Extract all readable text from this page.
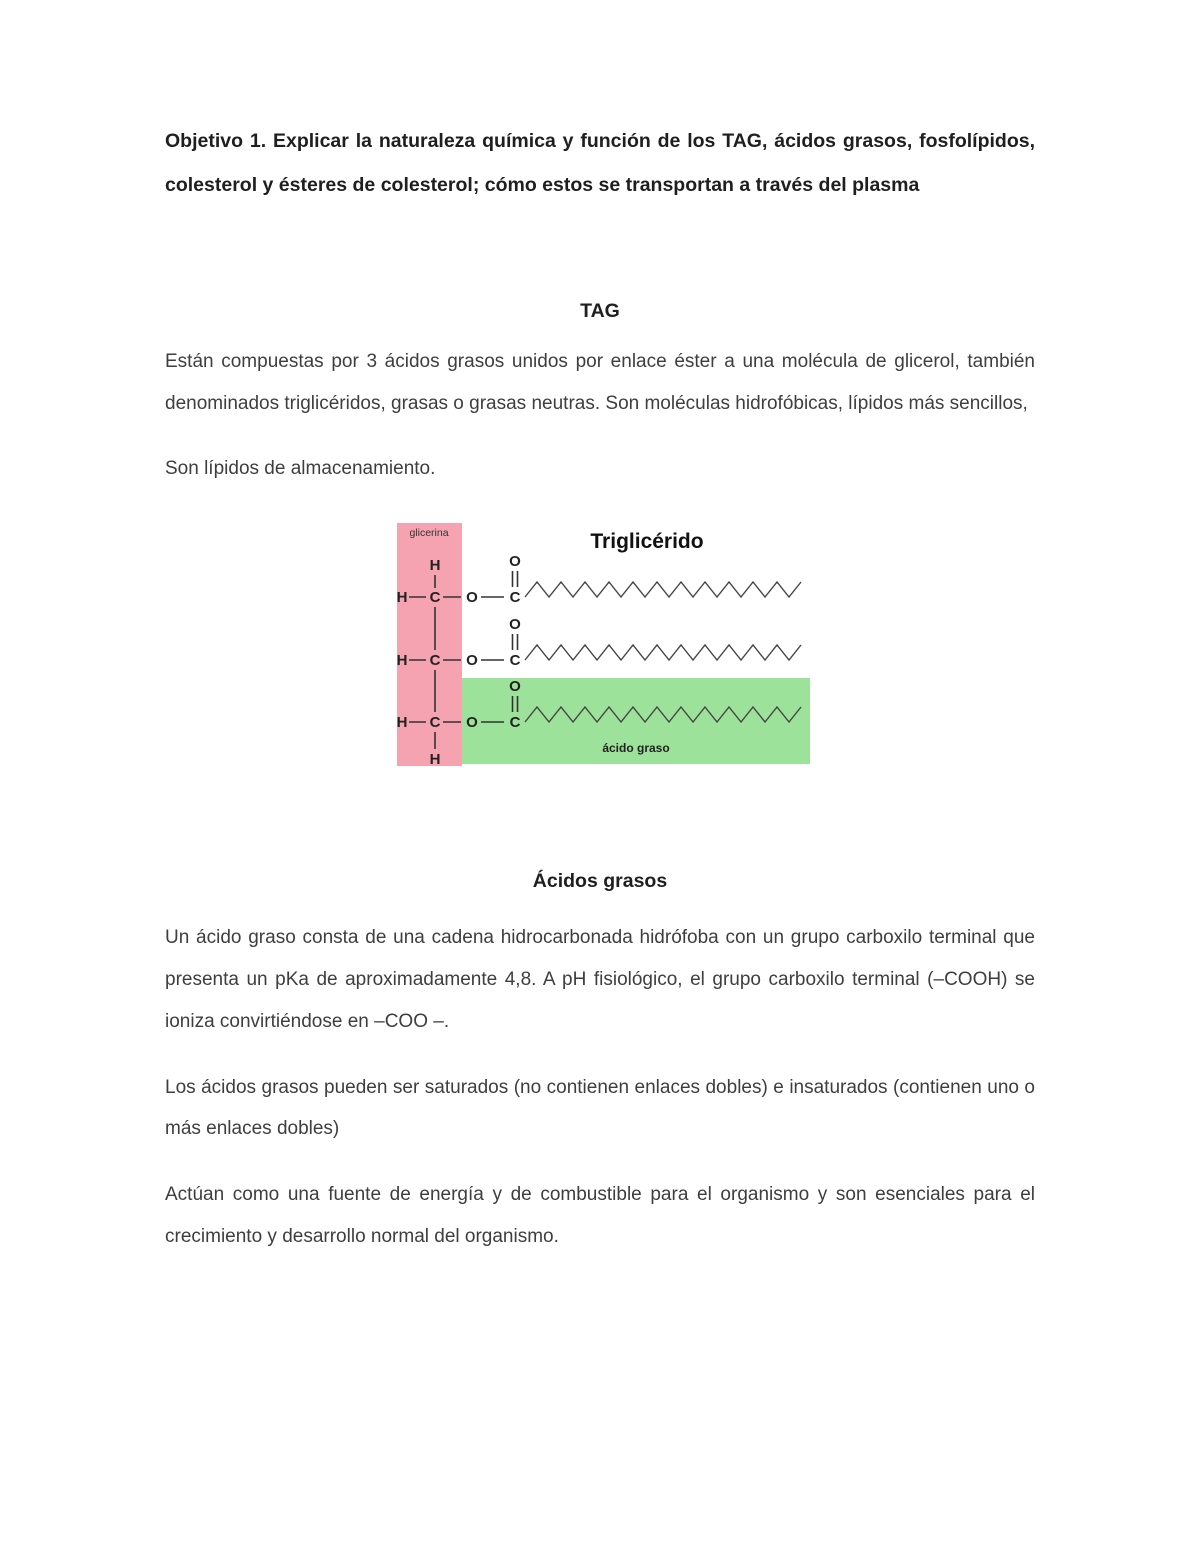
Objetivo 1. Explicar la naturaleza química y función de los TAG, ácidos grasos, fosfolípidos, colesterol y ésteres de colesterol; cómo estos se transportan a través del plasma
TAG

Están compuestas por 3 ácidos grasos unidos por enlace éster a una molécula de glicerol, también denominados triglicéridos, grasas o grasas neutras. Son moléculas hidrofóbicas, lípidos más sencillos,

Son lípidos de almacenamiento.

glicerina	Triglicérido
ácido graso
H
H C
H C
H C
H
O
O
C
O
O
C
O
O
C
Ácidos grasos

Un ácido graso consta de una cadena hidrocarbonada hidrófoba con un grupo carboxilo terminal que presenta un pKa de aproximadamente 4,8. A pH fisiológico, el grupo carboxilo terminal (–COOH) se ioniza convirtiéndose en –COO –.

Los ácidos grasos pueden ser saturados (no contienen enlaces dobles) e insaturados (contienen uno o más enlaces dobles)

Actúan como una fuente de energía y de combustible para el organismo y son esenciales para el crecimiento y desarrollo normal del organismo.
